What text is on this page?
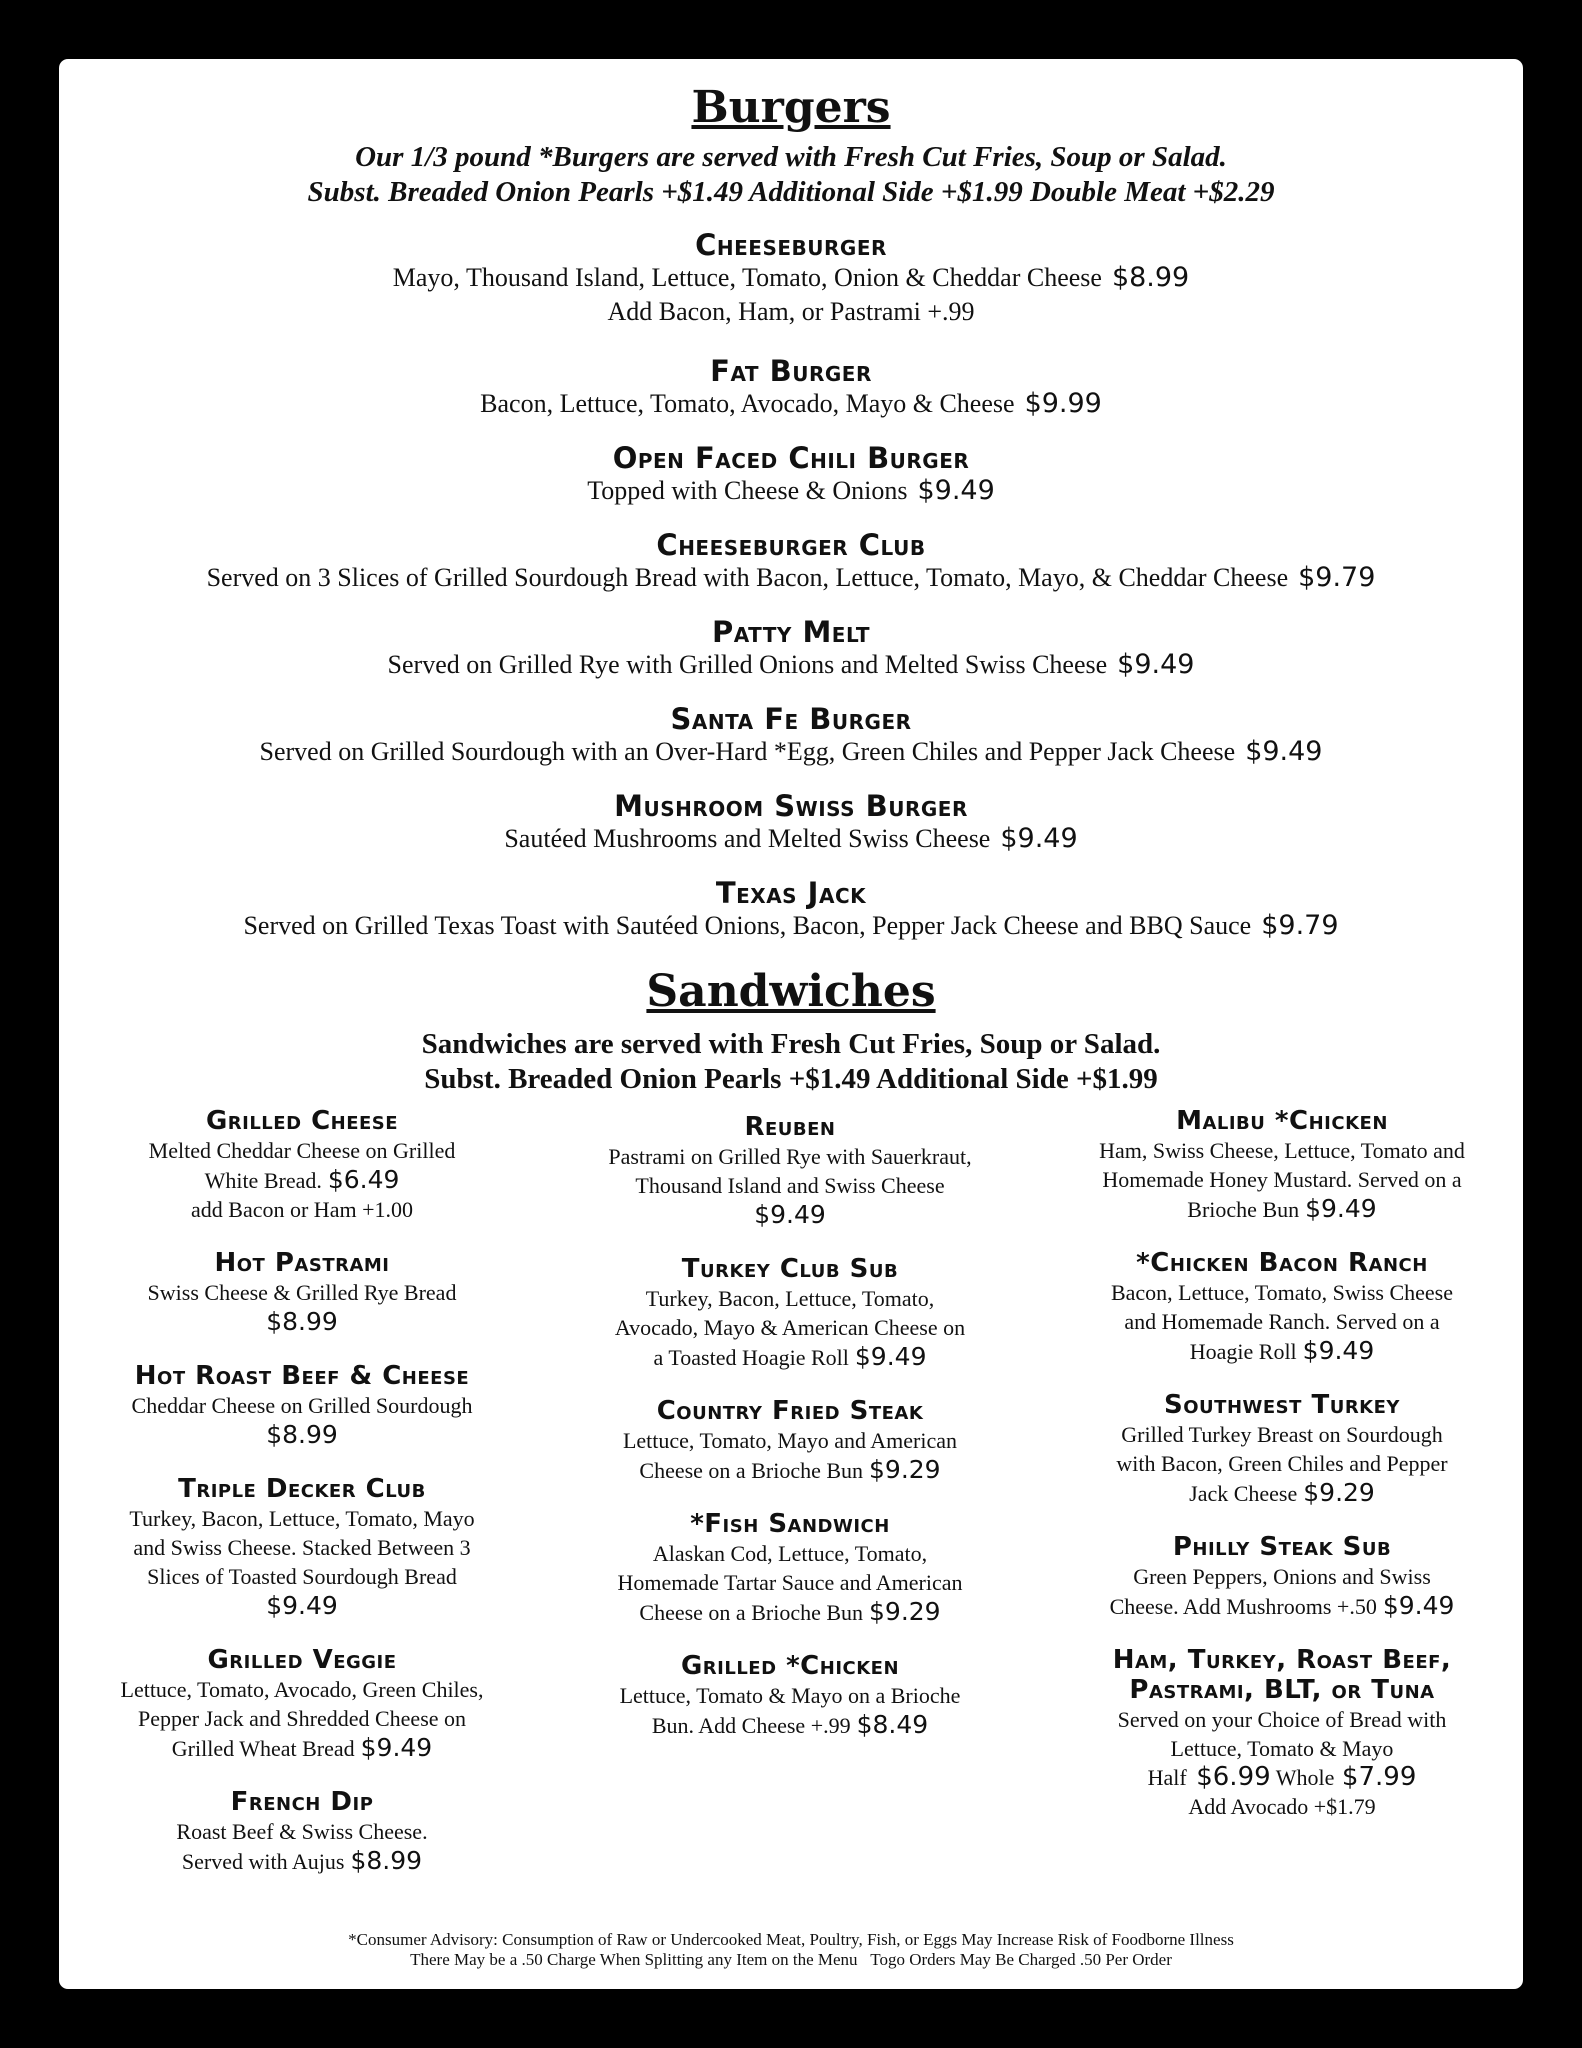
Burgers

Our 1/3 pound *Burgers are served with Fresh Cut Fries, Soup or Salad.

Subst. Breaded Onion Pearls +$1.49 Additional Side +$1.99 Double Meat +$2.29

Cheeseburger

Mayo, Thousand Island, Lettuce, Tomato, Onion & Cheddar Cheese $8.99

Add Bacon, Ham, or Pastrami +.99

Fat Burger

Bacon, Lettuce, Tomato, Avocado, Mayo & Cheese $9.99

Open Faced Chili Burger

Topped with Cheese & Onions $9.49

Cheeseburger Club

Served on 3 Slices of Grilled Sourdough Bread with Bacon, Lettuce, Tomato, Mayo, & Cheddar Cheese $9.79

Patty Melt

Served on Grilled Rye with Grilled Onions and Melted Swiss Cheese $9.49

Santa Fe Burger

Served on Grilled Sourdough with an Over-Hard *Egg, Green Chiles and Pepper Jack Cheese $9.49

Mushroom Swiss Burger

Sautéed Mushrooms and Melted Swiss Cheese $9.49

Texas Jack

Served on Grilled Texas Toast with Sautéed Onions, Bacon, Pepper Jack Cheese and BBQ Sauce $9.79

Sandwiches

Sandwiches are served with Fresh Cut Fries, Soup or Salad.

Subst. Breaded Onion Pearls +$1.49 Additional Side +$1.99

Grilled Cheese

Melted Cheddar Cheese on Grilled

White Bread. $6.49

add Bacon or Ham +1.00

Hot Pastrami

Swiss Cheese & Grilled Rye Bread

$8.99

Hot Roast Beef & Cheese

Cheddar Cheese on Grilled Sourdough

$8.99

Triple Decker Club

Turkey, Bacon, Lettuce, Tomato, Mayo

and Swiss Cheese. Stacked Between 3

Slices of Toasted Sourdough Bread

$9.49

Grilled Veggie

Lettuce, Tomato, Avocado, Green Chiles,

Pepper Jack and Shredded Cheese on

Grilled Wheat Bread $9.49

French Dip

Roast Beef & Swiss Cheese.

Served with Aujus $8.99

Reuben

Pastrami on Grilled Rye with Sauerkraut,

Thousand Island and Swiss Cheese

$9.49

Turkey Club Sub

Turkey, Bacon, Lettuce, Tomato,

Avocado, Mayo & American Cheese on

a Toasted Hoagie Roll $9.49

Country Fried Steak

Lettuce, Tomato, Mayo and American

Cheese on a Brioche Bun $9.29

*Fish Sandwich

Alaskan Cod, Lettuce, Tomato,

Homemade Tartar Sauce and American

Cheese on a Brioche Bun $9.29

Grilled *Chicken

Lettuce, Tomato & Mayo on a Brioche

Bun. Add Cheese +.99 $8.49

Malibu *Chicken

Ham, Swiss Cheese, Lettuce, Tomato and

Homemade Honey Mustard. Served on a

Brioche Bun $9.49

*Chicken Bacon Ranch

Bacon, Lettuce, Tomato, Swiss Cheese

and Homemade Ranch. Served on a

Hoagie Roll $9.49

Southwest Turkey

Grilled Turkey Breast on Sourdough

with Bacon, Green Chiles and Pepper

Jack Cheese $9.29

Philly Steak Sub

Green Peppers, Onions and Swiss

Cheese. Add Mushrooms +.50 $9.49

Ham, Turkey, Roast Beef,

Pastrami, BLT, or Tuna

Served on your Choice of Bread with

Lettuce, Tomato & Mayo

Half $6.99 Whole $7.99

Add Avocado +$1.79

*Consumer Advisory: Consumption of Raw or Undercooked Meat, Poultry, Fish, or Eggs May Increase Risk of Foodborne Illness
There May be a .50 Charge When Splitting any Item on the Menu Togo Orders May Be Charged .50 Per Order
